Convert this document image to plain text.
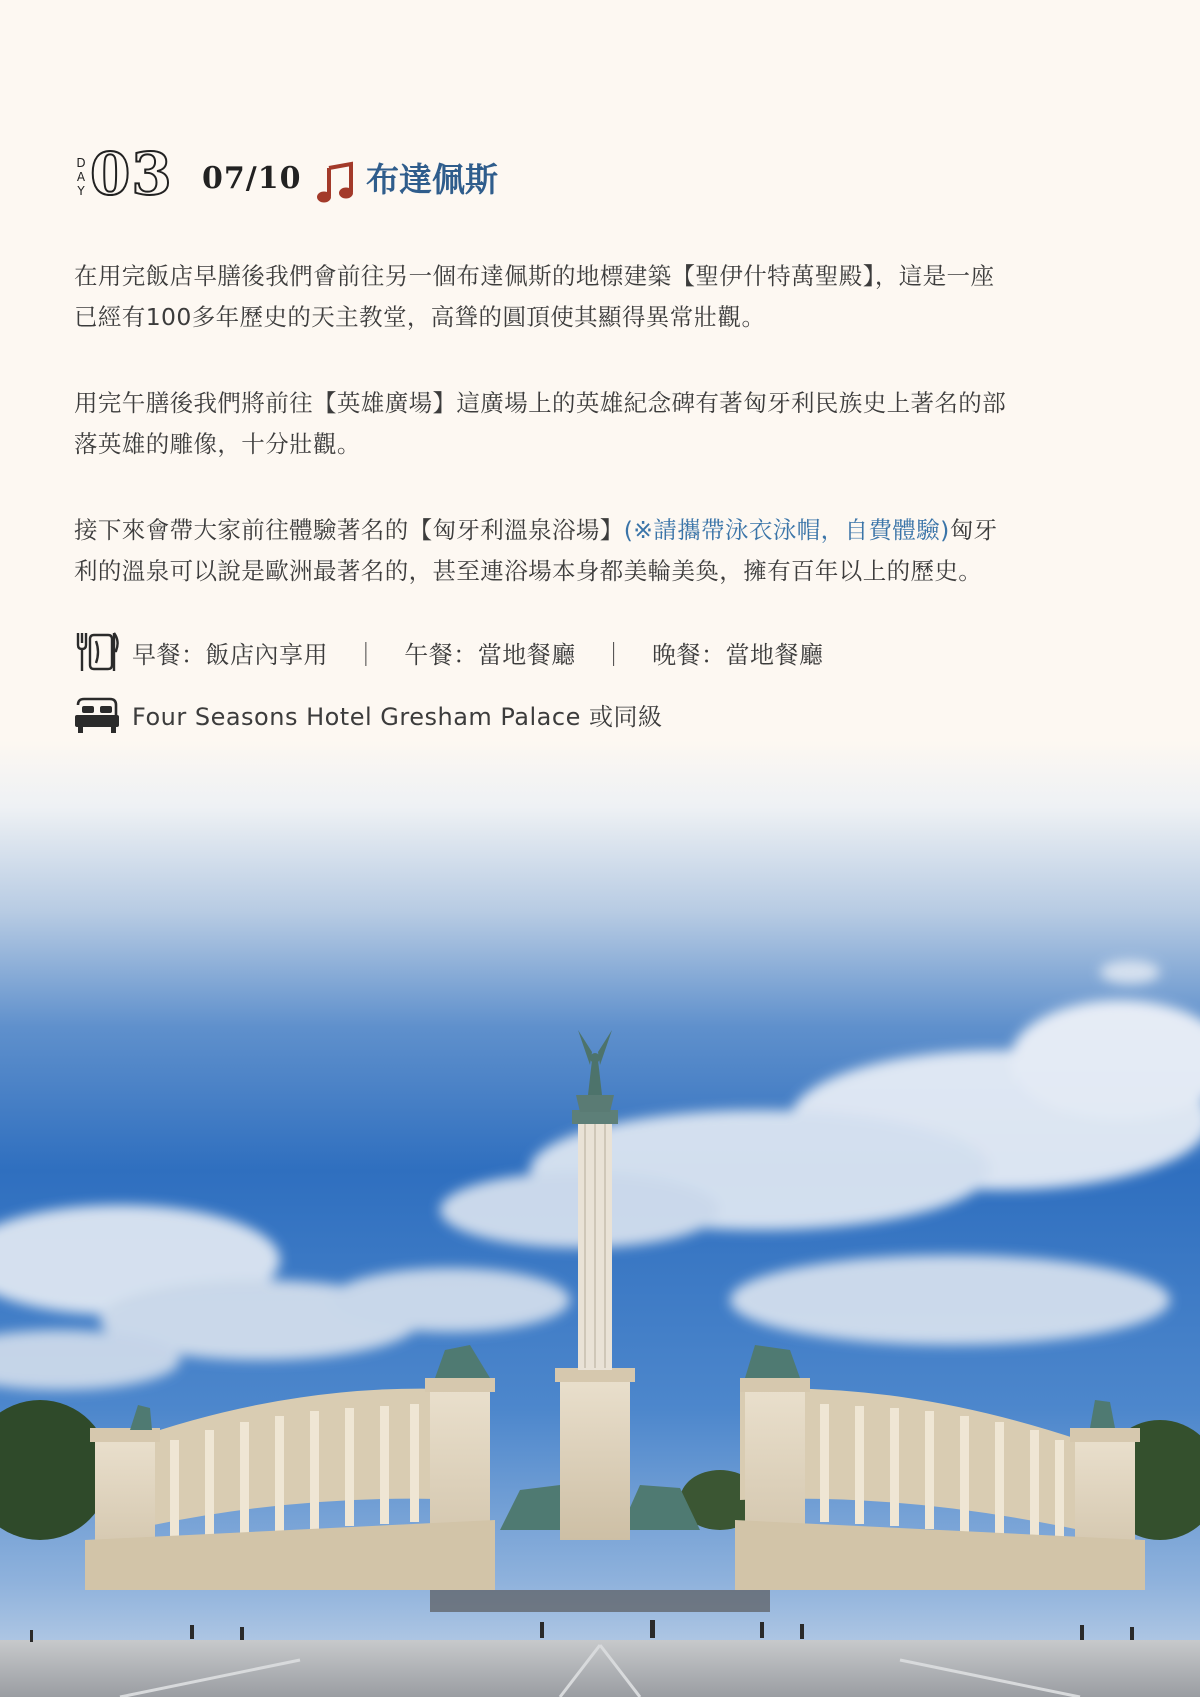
D
A
Y 03 07/10 布達佩斯
在用完飯店早膳後我們會前往另一個布達佩斯的地標建築【聖伊什特萬聖殿】，這是一座
已經有100多年歷史的天主教堂，高聳的圓頂使其顯得異常壯觀。
用完午膳後我們將前往【英雄廣場】這廣場上的英雄紀念碑有著匈牙利民族史上著名的部
落英雄的雕像，十分壯觀。
接下來會帶大家前往體驗著名的【匈牙利溫泉浴場】(※請攜帶泳衣泳帽，自費體驗)匈牙
利的溫泉可以說是歐洲最著名的，甚至連浴場本身都美輪美奐，擁有百年以上的歷史。
早餐：飯店內享用 ｜ 午餐：當地餐廳 ｜ 晚餐：當地餐廳
Four Seasons Hotel Gresham Palace 或同級
